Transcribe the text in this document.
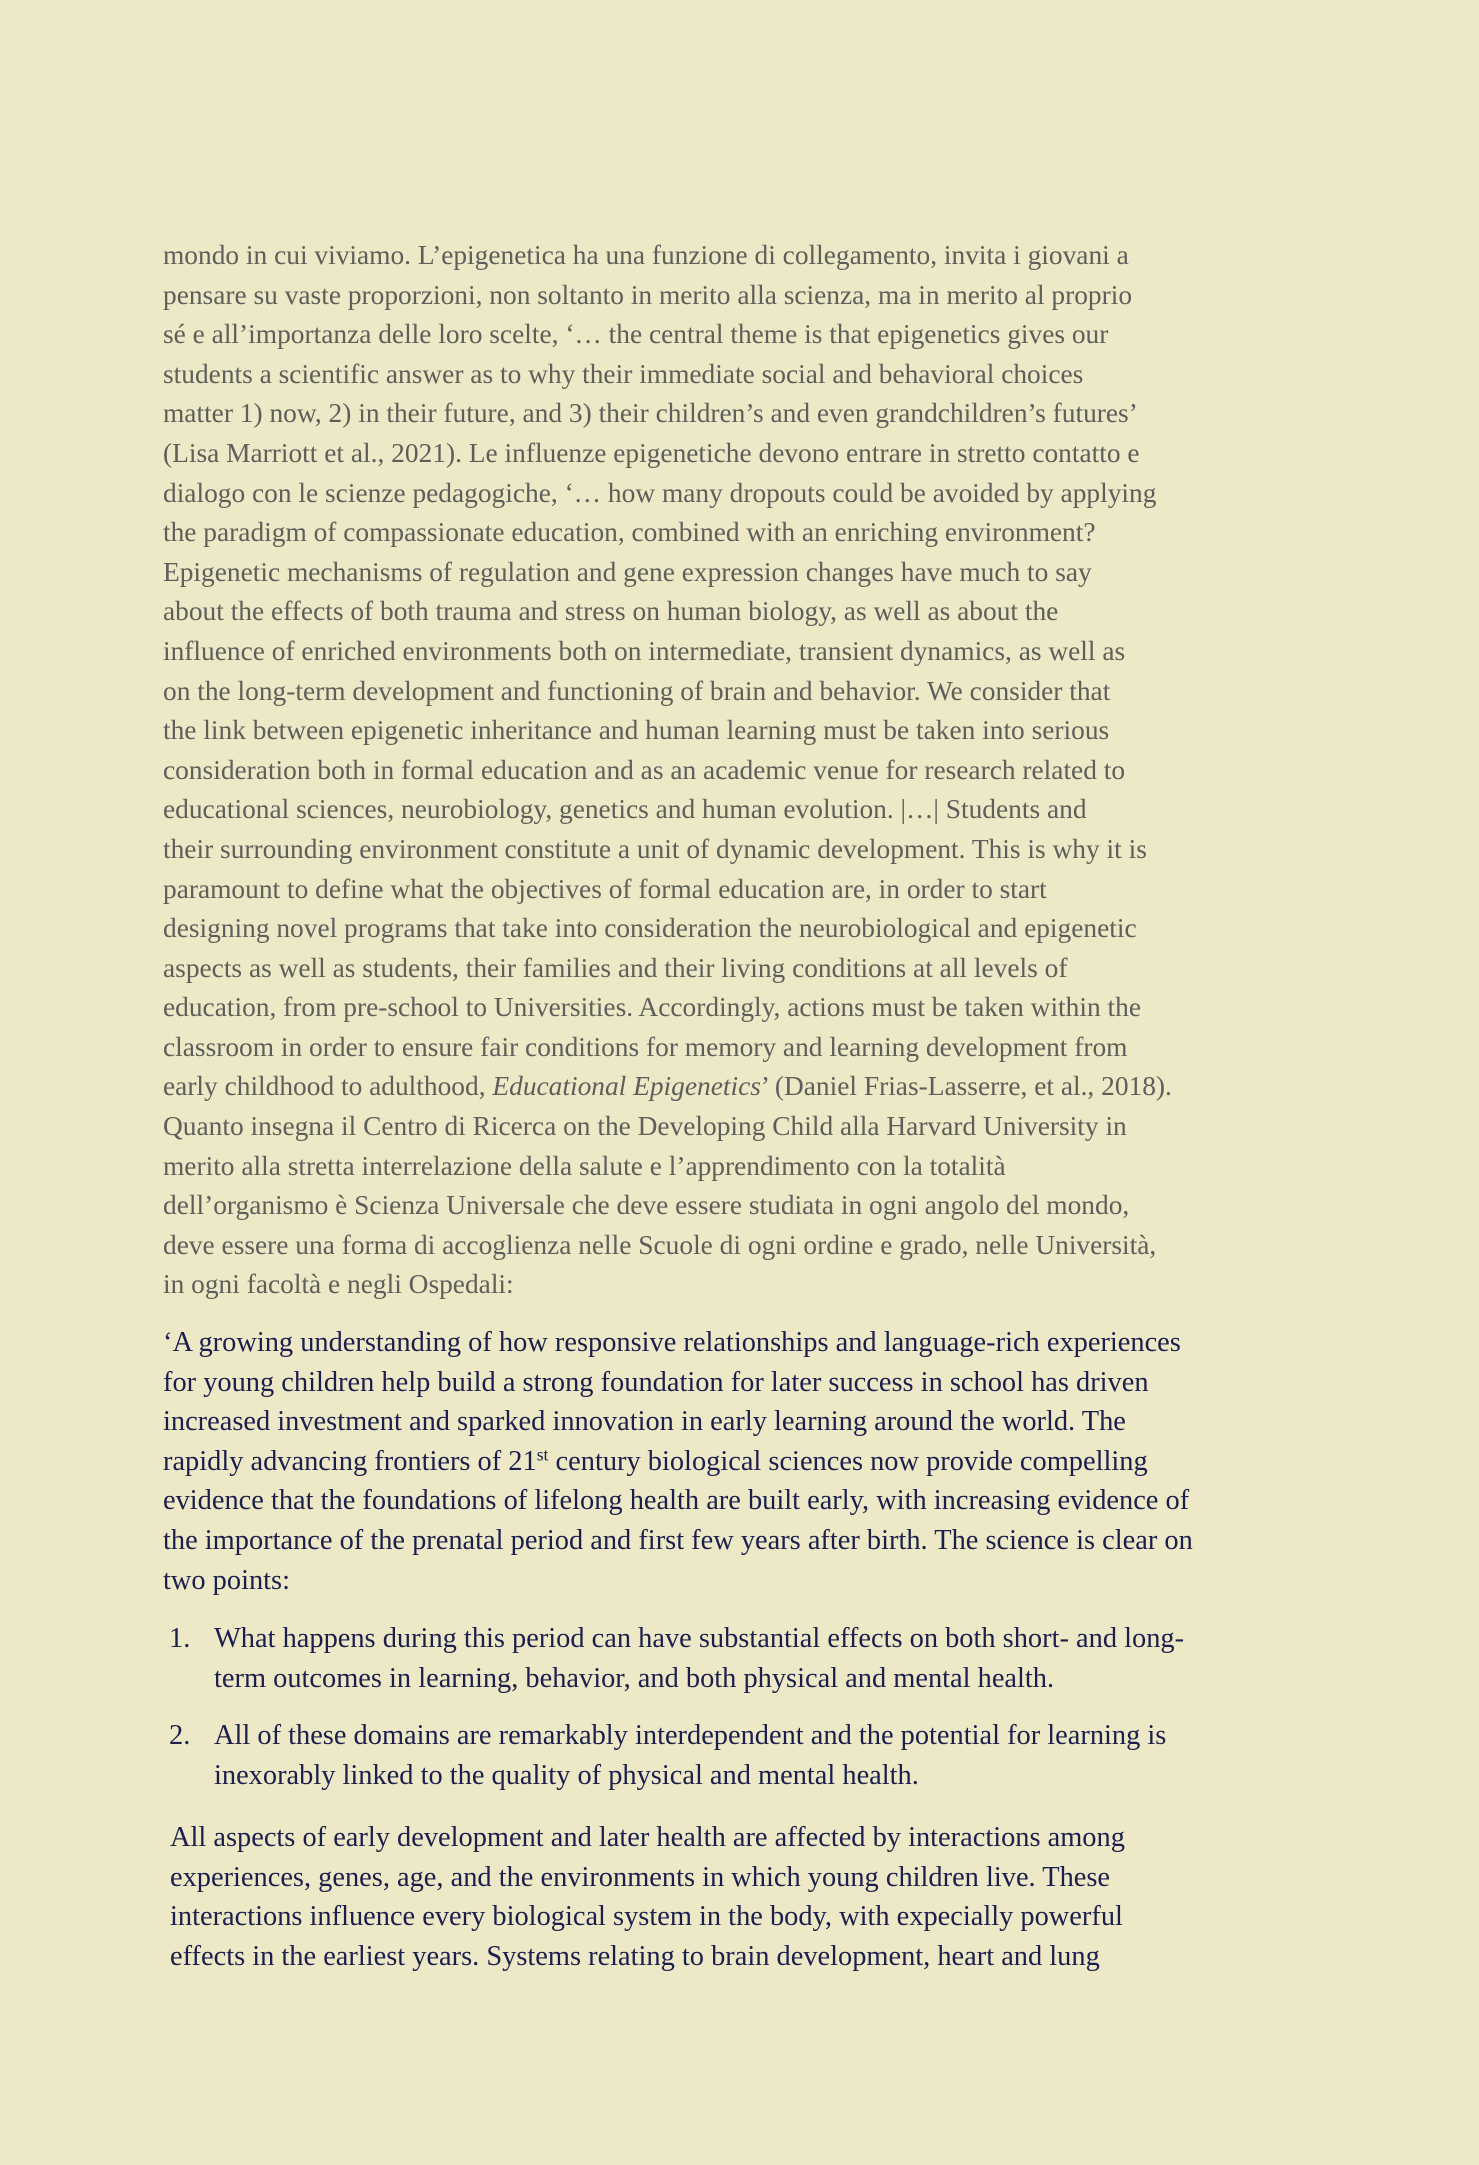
mondo in cui viviamo. L’epigenetica ha una funzione di collegamento, invita i giovani a
pensare su vaste proporzioni, non soltanto in merito alla scienza, ma in merito al proprio
sé e all’importanza delle loro scelte, ‘… the central theme is that epigenetics gives our
students a scientific answer as to why their immediate social and behavioral choices
matter 1) now, 2) in their future, and 3) their children’s and even grandchildren’s futures’
(Lisa Marriott et al., 2021). Le influenze epigenetiche devono entrare in stretto contatto e
dialogo con le scienze pedagogiche, ‘… how many dropouts could be avoided by applying
the paradigm of compassionate education, combined with an enriching environment?
Epigenetic mechanisms of regulation and gene expression changes have much to say
about the effects of both trauma and stress on human biology, as well as about the
influence of enriched environments both on intermediate, transient dynamics, as well as
on the long-term development and functioning of brain and behavior. We consider that
the link between epigenetic inheritance and human learning must be taken into serious
consideration both in formal education and as an academic venue for research related to
educational sciences, neurobiology, genetics and human evolution. |…| Students and
their surrounding environment constitute a unit of dynamic development. This is why it is
paramount to define what the objectives of formal education are, in order to start
designing novel programs that take into consideration the neurobiological and epigenetic
aspects as well as students, their families and their living conditions at all levels of
education, from pre-school to Universities. Accordingly, actions must be taken within the
classroom in order to ensure fair conditions for memory and learning development from
early childhood to adulthood, Educational Epigenetics’ (Daniel Frias-Lasserre, et al., 2018).
Quanto insegna il Centro di Ricerca on the Developing Child alla Harvard University in
merito alla stretta interrelazione della salute e l’apprendimento con la totalità
dell’organismo è Scienza Universale che deve essere studiata in ogni angolo del mondo,
deve essere una forma di accoglienza nelle Scuole di ogni ordine e grado, nelle Università,
in ogni facoltà e negli Ospedali:
‘A growing understanding of how responsive relationships and language-rich experiences
for young children help build a strong foundation for later success in school has driven
increased investment and sparked innovation in early learning around the world. The
rapidly advancing frontiers of 21st century biological sciences now provide compelling
evidence that the foundations of lifelong health are built early, with increasing evidence of
the importance of the prenatal period and first few years after birth. The science is clear on
two points:
1. What happens during this period can have substantial effects on both short- and long-
term outcomes in learning, behavior, and both physical and mental health.
2. All of these domains are remarkably interdependent and the potential for learning is
inexorably linked to the quality of physical and mental health.
All aspects of early development and later health are affected by interactions among
experiences, genes, age, and the environments in which young children live. These
interactions influence every biological system in the body, with expecially powerful
effects in the earliest years. Systems relating to brain development, heart and lung
